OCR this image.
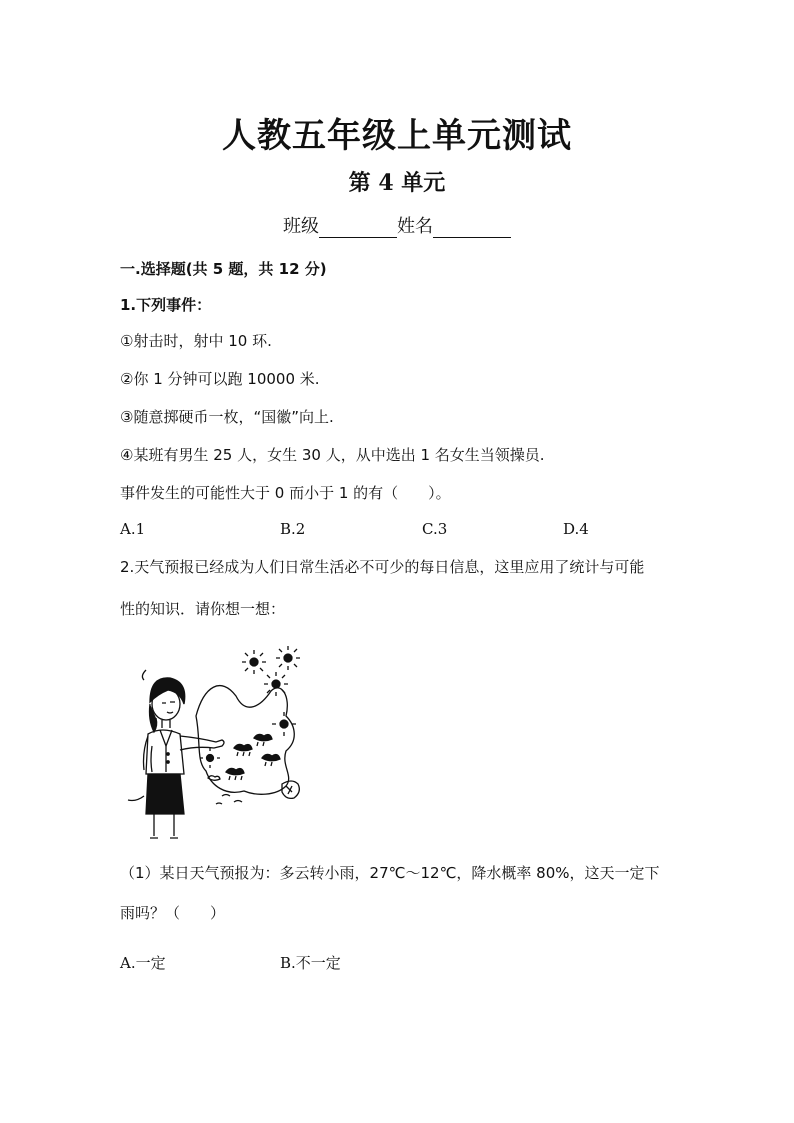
人教五年级上单元测试
第 4 单元
班级	姓名
一.选择题(共 5 题，共 12 分)
1.下列事件：
①射击时，射中 10 环.
②你 1 分钟可以跑 10000 米.
③随意掷硬币一枚，“国徽”向上.
④某班有男生 25 人，女生 30 人，从中选出 1 名女生当领操员.
事件发生的可能性大于 0 而小于 1 的有（　　）。
A.1	B.2	C.3	D.4
2.天气预报已经成为人们日常生活必不可少的每日信息，这里应用了统计与可能
性的知识．请你想一想：
（1）某日天气预报为：多云转小雨，27℃～12℃，降水概率 80%，这天一定下
雨吗？（　　）
A.一定	B.不一定
